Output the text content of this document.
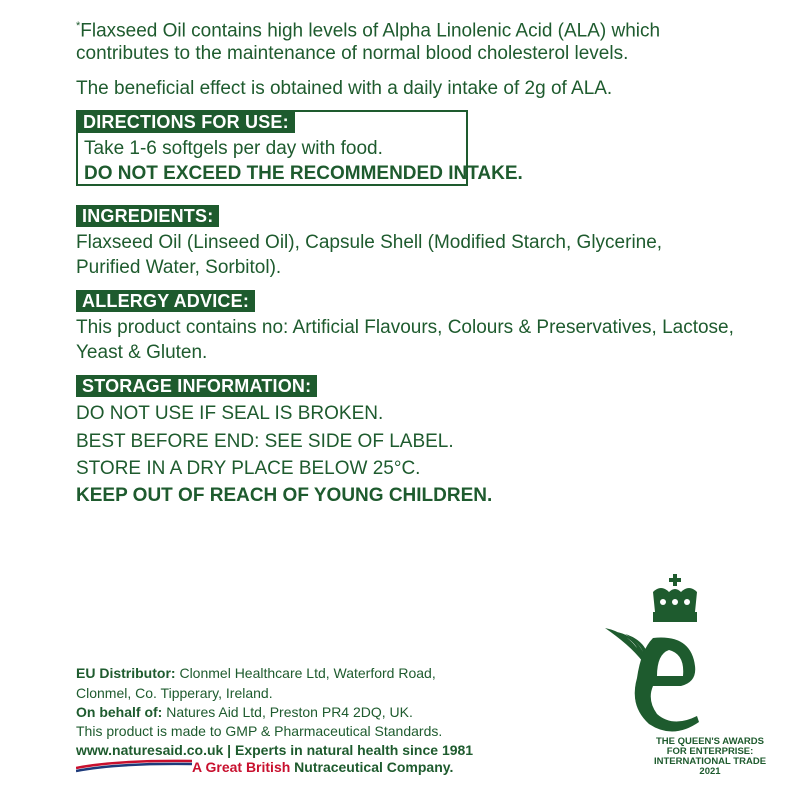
*Flaxseed Oil contains high levels of Alpha Linolenic Acid (ALA) which
contributes to the maintenance of normal blood cholesterol levels.
The beneficial effect is obtained with a daily intake of 2g of ALA.
DIRECTIONS FOR USE:
Take 1-6 softgels per day with food.
DO NOT EXCEED THE RECOMMENDED INTAKE.
INGREDIENTS:
Flaxseed Oil (Linseed Oil), Capsule Shell (Modified Starch, Glycerine, Purified Water, Sorbitol).
ALLERGY ADVICE:
This product contains no: Artificial Flavours, Colours & Preservatives, Lactose, Yeast & Gluten.
STORAGE INFORMATION:
DO NOT USE IF SEAL IS BROKEN.
BEST BEFORE END: SEE SIDE OF LABEL.
STORE IN A DRY PLACE BELOW 25°C.
KEEP OUT OF REACH OF YOUNG CHILDREN.
EU Distributor: Clonmel Healthcare Ltd, Waterford Road,
Clonmel, Co. Tipperary, Ireland.
On behalf of: Natures Aid Ltd, Preston PR4 2DQ, UK.
This product is made to GMP & Pharmaceutical Standards.
www.naturesaid.co.uk | Experts in natural health since 1981
A Great British Nutraceutical Company.
THE QUEEN'S AWARDS
FOR ENTERPRISE:
INTERNATIONAL TRADE
2021
